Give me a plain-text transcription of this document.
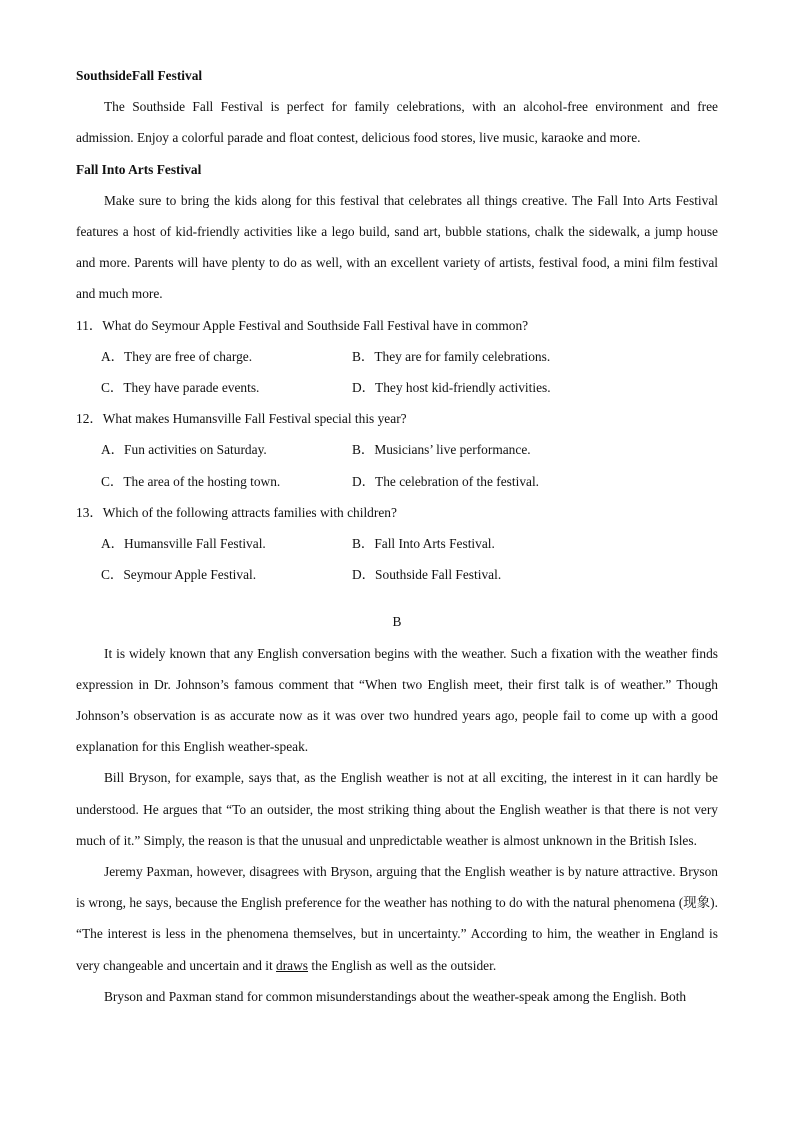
SouthsideFall Festival

The Southside Fall Festival is perfect for family celebrations, with an alcohol-free environment and free admission. Enjoy a colorful parade and float contest, delicious food stores, live music, karaoke and more.

Fall Into Arts Festival

Make sure to bring the kids along for this festival that celebrates all things creative. The Fall Into Arts Festival features a host of kid-friendly activities like a lego build, sand art, bubble stations, chalk the sidewalk, a jump house and more. Parents will have plenty to do as well, with an excellent variety of artists, festival food, a mini film festival and much more.

11．What do Seymour Apple Festival and Southside Fall Festival have in common?

A．They are free of charge.	B．They are for family celebrations.
C．They have parade events.	D．They host kid-friendly activities.

12．What makes Humansville Fall Festival special this year?

A．Fun activities on Saturday.	B．Musicians’ live performance.
C．The area of the hosting town.	D．The celebration of the festival.

13．Which of the following attracts families with children?

A．Humansville Fall Festival.	B．Fall Into Arts Festival.
C．Seymour Apple Festival.	D．Southside Fall Festival.
B

It is widely known that any English conversation begins with the weather. Such a fixation with the weather finds expression in Dr. Johnson’s famous comment that “When two English meet, their first talk is of weather.” Though Johnson’s observation is as accurate now as it was over two hundred years ago, people fail to come up with a good explanation for this English weather-speak.

Bill Bryson, for example, says that, as the English weather is not at all exciting, the interest in it can hardly be understood. He argues that “To an outsider, the most striking thing about the English weather is that there is not very much of it.” Simply, the reason is that the unusual and unpredictable weather is almost unknown in the British Isles.

Jeremy Paxman, however, disagrees with Bryson, arguing that the English weather is by nature attractive. Bryson is wrong, he says, because the English preference for the weather has nothing to do with the natural phenomena (现象). “The interest is less in the phenomena themselves, but in uncertainty.” According to him, the weather in England is very changeable and uncertain and it draws the English as well as the outsider.

Bryson and Paxman stand for common misunderstandings about the weather-speak among the English. Both
